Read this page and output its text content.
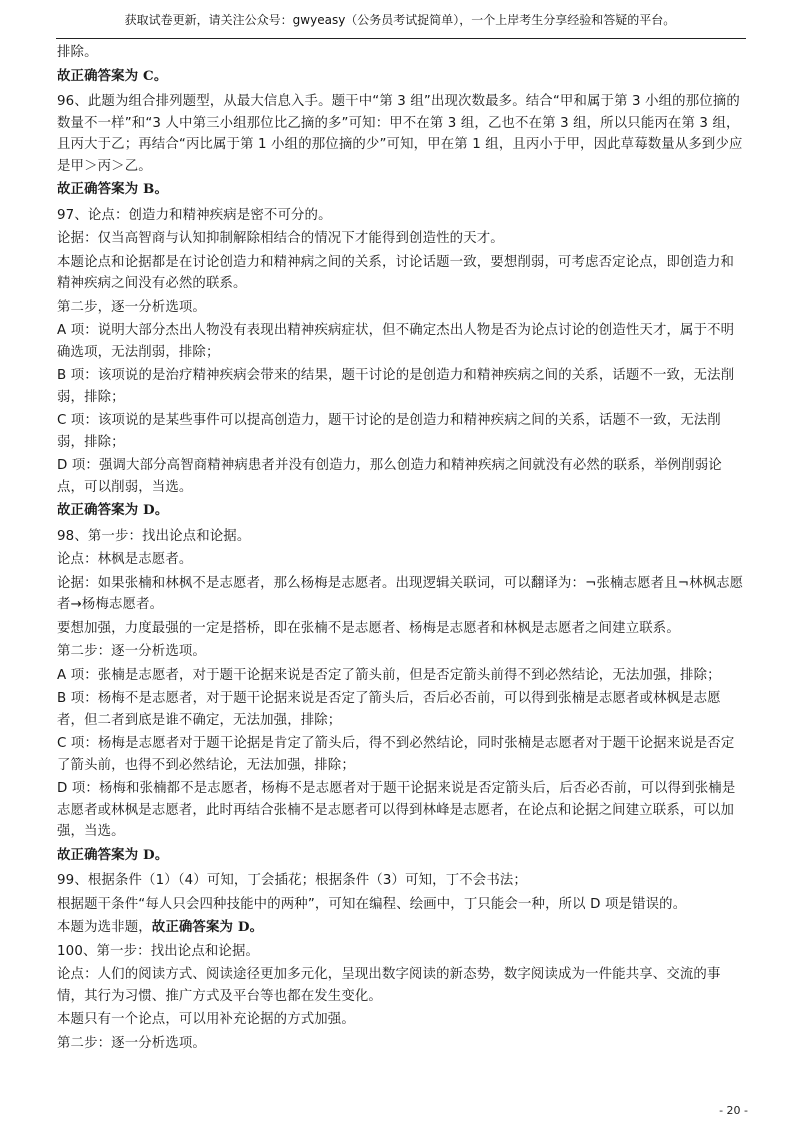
获取试卷更新，请关注公众号：gwyeasy（公务员考试捉简单），一个上岸考生分享经验和答疑的平台。

排除。

故正确答案为 C。

96、此题为组合排列题型，从最大信息入手。题干中“第 3 组”出现次数最多。结合“甲和属于第 3 小组的那位摘的数量不一样”和“3 人中第三小组那位比乙摘的多”可知：甲不在第 3 组，乙也不在第 3 组，所以只能丙在第 3 组，且丙大于乙；再结合“丙比属于第 1 小组的那位摘的少”可知，甲在第 1 组，且丙小于甲，因此草莓数量从多到少应是甲＞丙＞乙。

故正确答案为 B。

97、论点：创造力和精神疾病是密不可分的。

论据：仅当高智商与认知抑制解除相结合的情况下才能得到创造性的天才。

本题论点和论据都是在讨论创造力和精神病之间的关系，讨论话题一致，要想削弱，可考虑否定论点，即创造力和精神疾病之间没有必然的联系。

第二步，逐一分析选项。

A 项：说明大部分杰出人物没有表现出精神疾病症状，但不确定杰出人物是否为论点讨论的创造性天才，属于不明确选项，无法削弱，排除；

B 项：该项说的是治疗精神疾病会带来的结果，题干讨论的是创造力和精神疾病之间的关系，话题不一致，无法削弱，排除；

C 项：该项说的是某些事件可以提高创造力，题干讨论的是创造力和精神疾病之间的关系，话题不一致，无法削弱，排除；

D 项：强调大部分高智商精神病患者并没有创造力，那么创造力和精神疾病之间就没有必然的联系，举例削弱论点，可以削弱，当选。

故正确答案为 D。

98、第一步：找出论点和论据。

论点：林枫是志愿者。

论据：如果张楠和林枫不是志愿者，那么杨梅是志愿者。出现逻辑关联词，可以翻译为：¬张楠志愿者且¬林枫志愿者→杨梅志愿者。

要想加强，力度最强的一定是搭桥，即在张楠不是志愿者、杨梅是志愿者和林枫是志愿者之间建立联系。

第二步：逐一分析选项。

A 项：张楠是志愿者，对于题干论据来说是否定了箭头前，但是否定箭头前得不到必然结论，无法加强，排除；

B 项：杨梅不是志愿者，对于题干论据来说是否定了箭头后，否后必否前，可以得到张楠是志愿者或林枫是志愿者，但二者到底是谁不确定，无法加强，排除；

C 项：杨梅是志愿者对于题干论据是肯定了箭头后，得不到必然结论，同时张楠是志愿者对于题干论据来说是否定了箭头前，也得不到必然结论，无法加强，排除；

D 项：杨梅和张楠都不是志愿者，杨梅不是志愿者对于题干论据来说是否定箭头后，后否必否前，可以得到张楠是志愿者或林枫是志愿者，此时再结合张楠不是志愿者可以得到林峰是志愿者，在论点和论据之间建立联系，可以加强，当选。

故正确答案为 D。

99、根据条件（1）（4）可知，丁会插花；根据条件（3）可知，丁不会书法；

根据题干条件“每人只会四种技能中的两种”，可知在编程、绘画中，丁只能会一种，所以 D 项是错误的。

本题为选非题，故正确答案为 D。

100、第一步：找出论点和论据。

论点：人们的阅读方式、阅读途径更加多元化，呈现出数字阅读的新态势，数字阅读成为一件能共享、交流的事情，其行为习惯、推广方式及平台等也都在发生变化。

本题只有一个论点，可以用补充论据的方式加强。

第二步：逐一分析选项。

- 20 -
